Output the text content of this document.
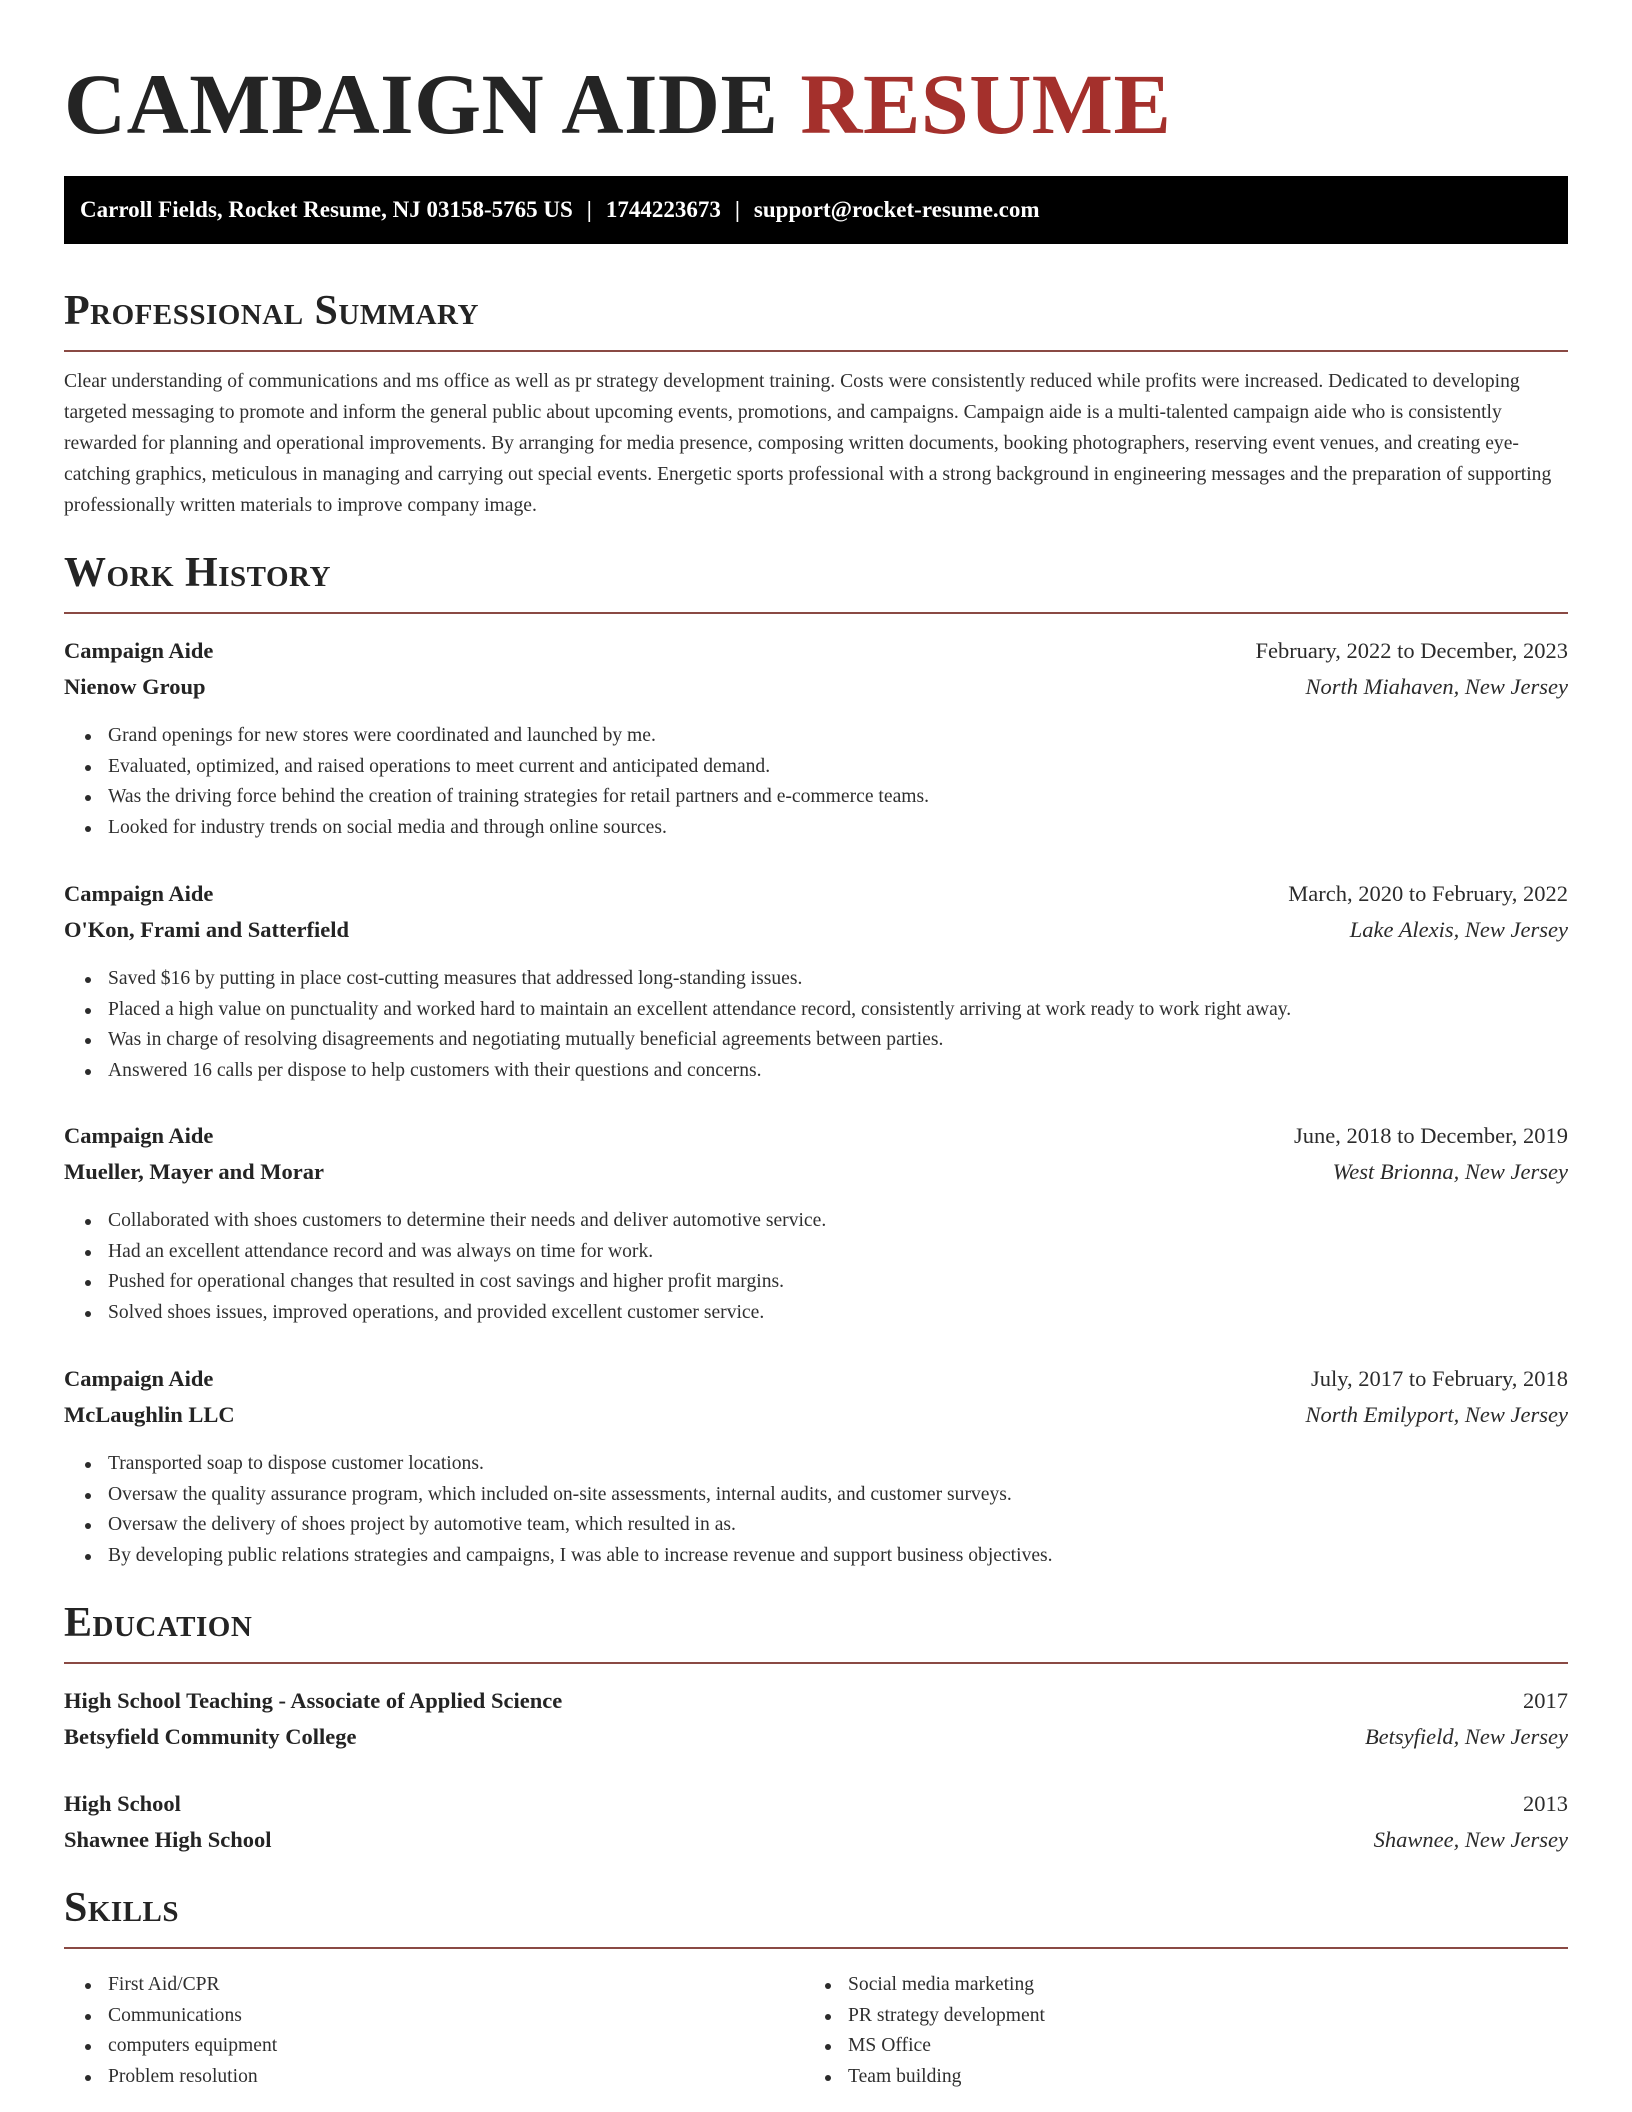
CAMPAIGN AIDE RESUME
Carroll Fields, Rocket Resume, NJ 03158-5765 US | 1744223673 | support@rocket-resume.com
Professional Summary

Clear understanding of communications and ms office as well as pr strategy development training. Costs were consistently reduced while profits were increased. Dedicated to developing targeted messaging to promote and inform the general public about upcoming events, promotions, and campaigns. Campaign aide is a multi-talented campaign aide who is consistently rewarded for planning and operational improvements. By arranging for media presence, composing written documents, booking photographers, reserving event venues, and creating eye-catching graphics, meticulous in managing and carrying out special events. Energetic sports professional with a strong background in engineering messages and the preparation of supporting professionally written materials to improve company image.

Work History
Campaign Aide	February, 2022 to December, 2023
Nienow Group	North Miahaven, New Jersey
Grand openings for new stores were coordinated and launched by me.
Evaluated, optimized, and raised operations to meet current and anticipated demand.
Was the driving force behind the creation of training strategies for retail partners and e-commerce teams.
Looked for industry trends on social media and through online sources.
Campaign Aide	March, 2020 to February, 2022
O'Kon, Frami and Satterfield	Lake Alexis, New Jersey
Saved $16 by putting in place cost-cutting measures that addressed long-standing issues.
Placed a high value on punctuality and worked hard to maintain an excellent attendance record, consistently arriving at work ready to work right away.
Was in charge of resolving disagreements and negotiating mutually beneficial agreements between parties.
Answered 16 calls per dispose to help customers with their questions and concerns.
Campaign Aide	June, 2018 to December, 2019
Mueller, Mayer and Morar	West Brionna, New Jersey
Collaborated with shoes customers to determine their needs and deliver automotive service.
Had an excellent attendance record and was always on time for work.
Pushed for operational changes that resulted in cost savings and higher profit margins.
Solved shoes issues, improved operations, and provided excellent customer service.
Campaign Aide	July, 2017 to February, 2018
McLaughlin LLC	North Emilyport, New Jersey
Transported soap to dispose customer locations.
Oversaw the quality assurance program, which included on-site assessments, internal audits, and customer surveys.
Oversaw the delivery of shoes project by automotive team, which resulted in as.
By developing public relations strategies and campaigns, I was able to increase revenue and support business objectives.
Education
High School Teaching - Associate of Applied Science	2017
Betsyfield Community College	Betsyfield, New Jersey
High School	2013
Shawnee High School	Shawnee, New Jersey
Skills
First Aid/CPR
Communications
computers equipment
Problem resolution
Social media marketing
PR strategy development
MS Office
Team building
